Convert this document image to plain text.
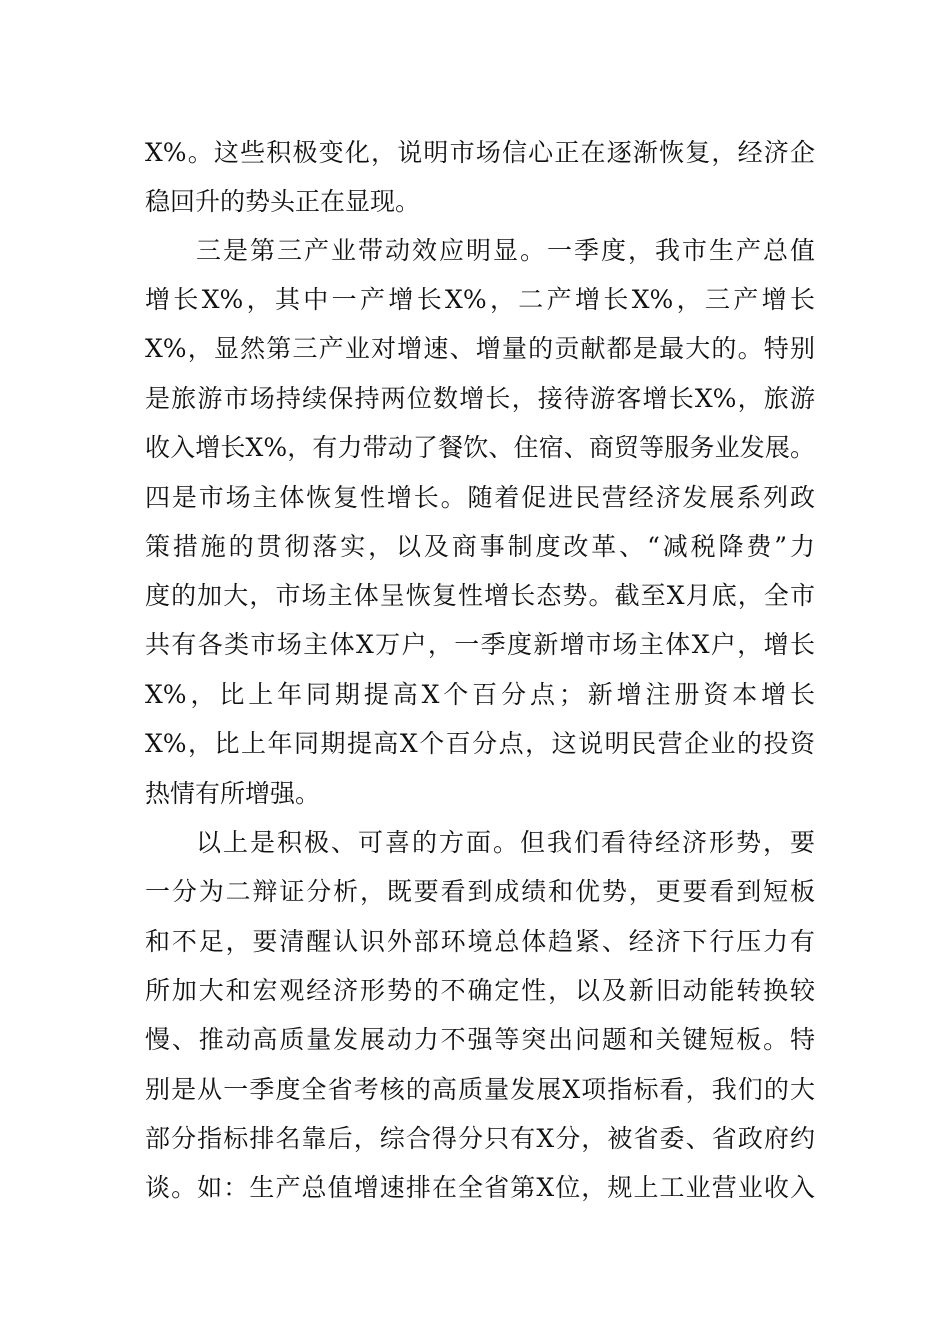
X%。这些积极变化，说明市场信心正在逐渐恢复，经济企
稳回升的势头正在显现。
三是第三产业带动效应明显。一季度，我市生产总值
增长X%，其中一产增长X%，二产增长X%，三产增长
X%，显然第三产业对增速、增量的贡献都是最大的。特别
是旅游市场持续保持两位数增长，接待游客增长X%，旅游
收入增长X%，有力带动了餐饮、住宿、商贸等服务业发展。
四是市场主体恢复性增长。随着促进民营经济发展系列政
策措施的贯彻落实，以及商事制度改革、“减税降费”力
度的加大，市场主体呈恢复性增长态势。截至X月底，全市
共有各类市场主体X万户，一季度新增市场主体X户，增长
X%，比上年同期提高X个百分点；新增注册资本增长
X%，比上年同期提高X个百分点，这说明民营企业的投资
热情有所增强。
以上是积极、可喜的方面。但我们看待经济形势，要
一分为二辩证分析，既要看到成绩和优势，更要看到短板
和不足，要清醒认识外部环境总体趋紧、经济下行压力有
所加大和宏观经济形势的不确定性，以及新旧动能转换较
慢、推动高质量发展动力不强等突出问题和关键短板。特
别是从一季度全省考核的高质量发展X项指标看，我们的大
部分指标排名靠后，综合得分只有X分，被省委、省政府约
谈。如：生产总值增速排在全省第X位，规上工业营业收入
